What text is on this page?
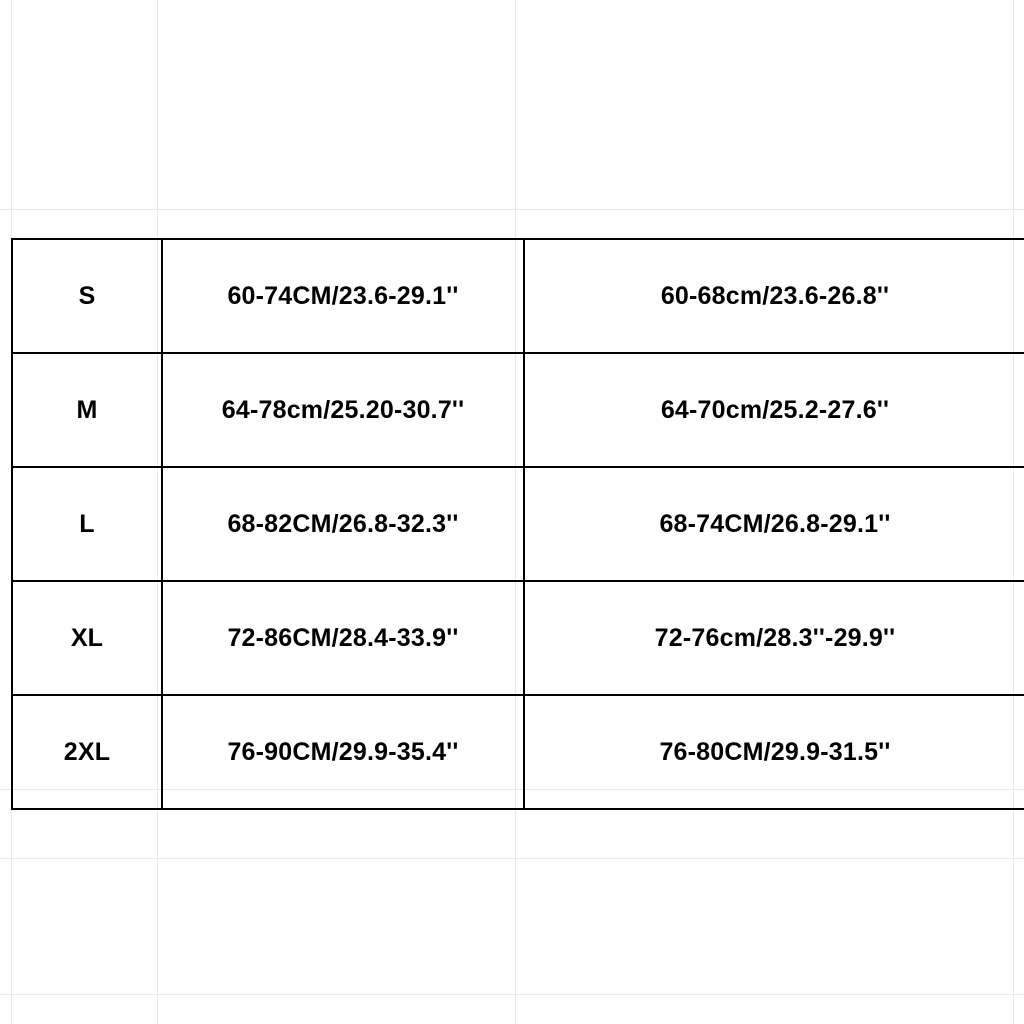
S	60-74CM/23.6-29.1''	60-68cm/23.6-26.8''
M	64-78cm/25.20-30.7''	64-70cm/25.2-27.6''
L	68-82CM/26.8-32.3''	68-74CM/26.8-29.1''
XL	72-86CM/28.4-33.9''	72-76cm/28.3''-29.9''
2XL	76-90CM/29.9-35.4''	76-80CM/29.9-31.5''
